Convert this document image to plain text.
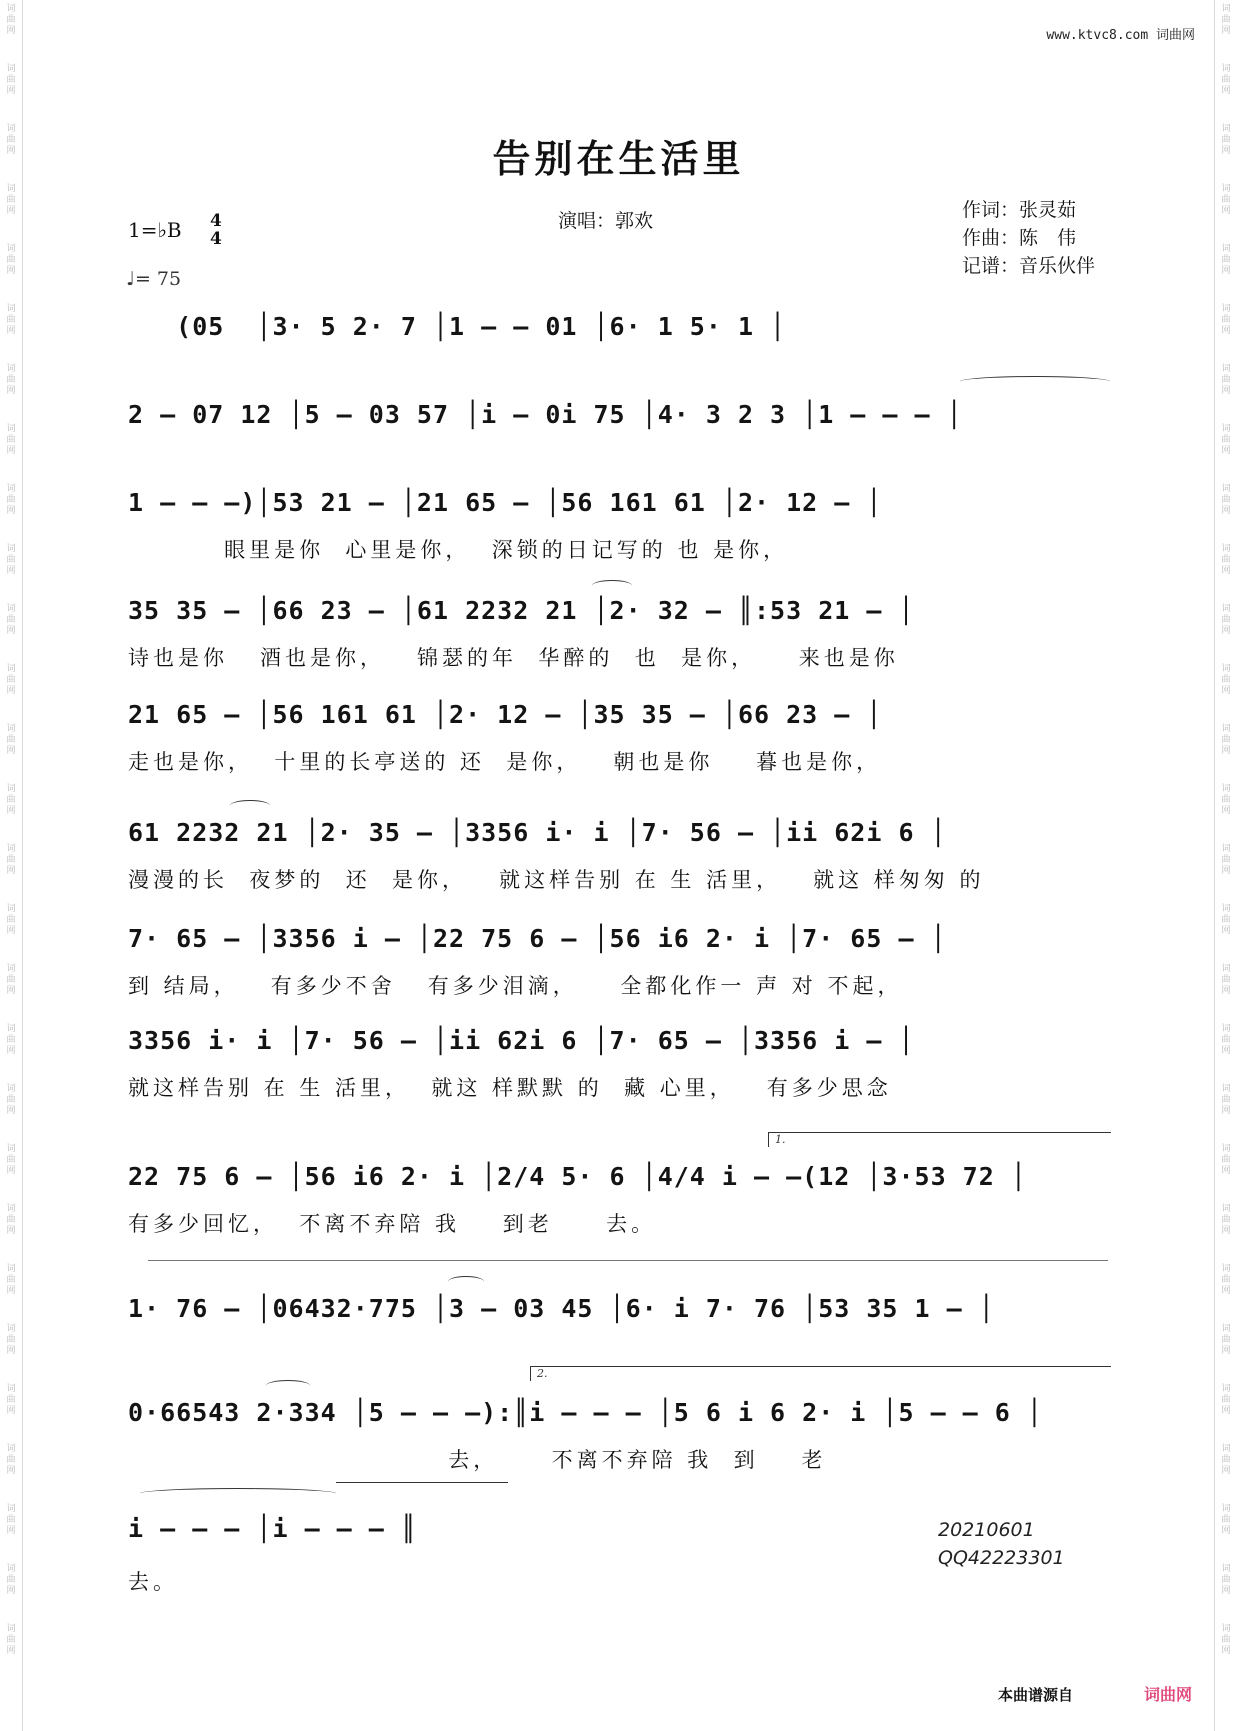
词
曲
网
词
曲
网
词
曲
网
词
曲
网
词
曲
网
词
曲
网
词
曲
网
词
曲
网
词
曲
网
词
曲
网
词
曲
网
词
曲
网
词
曲
网
词
曲
网
词
曲
网
词
曲
网
词
曲
网
词
曲
网
词
曲
网
词
曲
网
词
曲
网
词
曲
网
词
曲
网
词
曲
网
词
曲
网
词
曲
网
词
曲
网
词
曲
网
词
曲
网
词
曲
网
词
曲
网
词
曲
网
词
曲
网
词
曲
网
词
曲
网
词
曲
网
词
曲
网
词
曲
网
词
曲
网
词
曲
网
词
曲
网
词
曲
网
词
曲
网
词
曲
网
词
曲
网
词
曲
网
词
曲
网
词
曲
网
词
曲
网
词
曲
网
词
曲
网
词
曲
网
词
曲
网
词
曲
网
词
曲
网
词
曲
网
www.ktvc8.com 词曲网
告别在生活里
1=♭B 4
4
♩= 75
演唱：郭欢	作词：张灵茹
作曲：陈　伟
记谱：音乐伙伴
(05  │3· 5 2· 7 │1 – – 01 │6· 1 5· 1 │
2 – 07 12 │5 – 03 57 │i – 0i 75 │4· 3 2 3 │1 – – – │
1 – – –)│53 21 – │21 65 – │56 161 61 │2· 12 – │
眼里是你  心里是你，  深锁的日记写的 也 是你，
35 35 – │66 23 – │61 2232 21 │2· 32 – ║:53 21 – │
诗也是你   酒也是你，   锦瑟的年  华醉的  也  是你，    来也是你
21 65 – │56 161 61 │2· 12 – │35 35 – │66 23 – │
走也是你，  十里的长亭送的 还  是你，   朝也是你    暮也是你，
61 2232 21 │2· 35 – │3356 i· i │7· 56 – │ii 62i 6 │
漫漫的长  夜梦的  还  是你，   就这样告别 在 生 活里，   就这 样匆匆 的
7· 65 – │3356 i – │22 75 6 – │56 i6 2· i │7· 65 – │
到 结局，   有多少不舍   有多少泪滴，    全都化作一 声 对 不起，
3356 i· i │7· 56 – │ii 62i 6 │7· 65 – │3356 i – │
就这样告别 在 生 活里，  就这 样默默 的  藏 心里，   有多少思念
1.
22 75 6 – │56 i6 2· i │2/4 5· 6 │4/4 i – –(12 │3·53 72 │
有多少回忆，  不离不弃陪 我    到老     去。
1· 76 – │06432·775 │3 – 03 45 │6· i 7· 76 │53 35 1 – │
2.
0·66543 2·334 │5 – – –):║i – – – │5 6 i 6 2· i │5 – – 6 │
去，     不离不弃陪 我  到    老
i – – – │i – – – ║
去。
20210601
QQ42223301
本曲谱源自	词曲网
